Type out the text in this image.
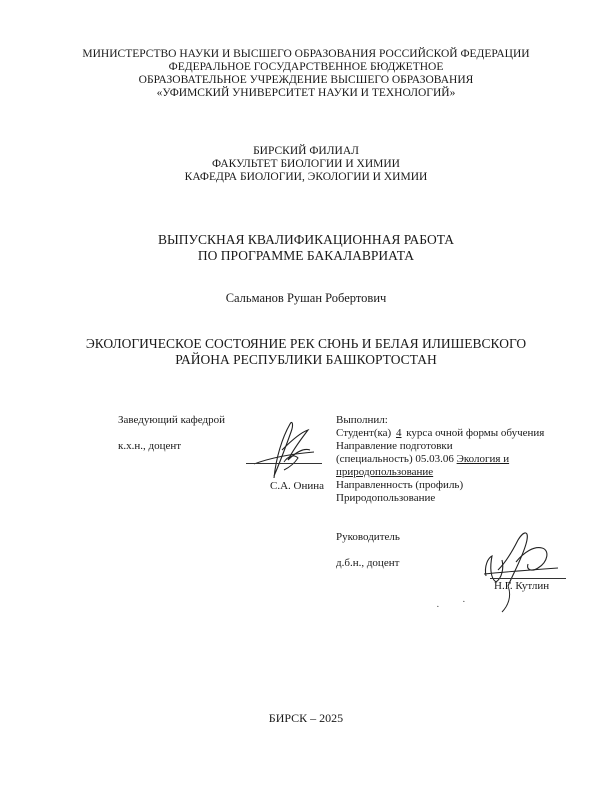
МИНИСТЕРСТВО НАУКИ И ВЫСШЕГО ОБРАЗОВАНИЯ РОССИЙСКОЙ ФЕДЕРАЦИИ
ФЕДЕРАЛЬНОЕ ГОСУДАРСТВЕННОЕ БЮДЖЕТНОЕ
ОБРАЗОВАТЕЛЬНОЕ УЧРЕЖДЕНИЕ ВЫСШЕГО ОБРАЗОВАНИЯ
«УФИМСКИЙ УНИВЕРСИТЕТ НАУКИ И ТЕХНОЛОГИЙ»
БИРСКИЙ ФИЛИАЛ
ФАКУЛЬТЕТ БИОЛОГИИ И ХИМИИ
КАФЕДРА БИОЛОГИИ, ЭКОЛОГИИ И ХИМИИ
ВЫПУСКНАЯ КВАЛИФИКАЦИОННАЯ РАБОТА
ПО ПРОГРАММЕ БАКАЛАВРИАТА
Сальманов Рушан Робертович
ЭКОЛОГИЧЕСКОЕ СОСТОЯНИЕ РЕК СЮНЬ И БЕЛАЯ ИЛИШЕВСКОГО
РАЙОНА РЕСПУБЛИКИ БАШКОРТОСТАН
Заведующий кафедрой
к.х.н., доцент
С.А. Онина
Выполнил:
Студент(ка) 4 курса очной формы обучения
Направление подготовки
(специальность) 05.03.06 Экология и
природопользование
Направленность (профиль)
Природопользование
Руководитель
д.б.н., доцент
· ·
Н.Г. Кутлин
БИРСК – 2025
